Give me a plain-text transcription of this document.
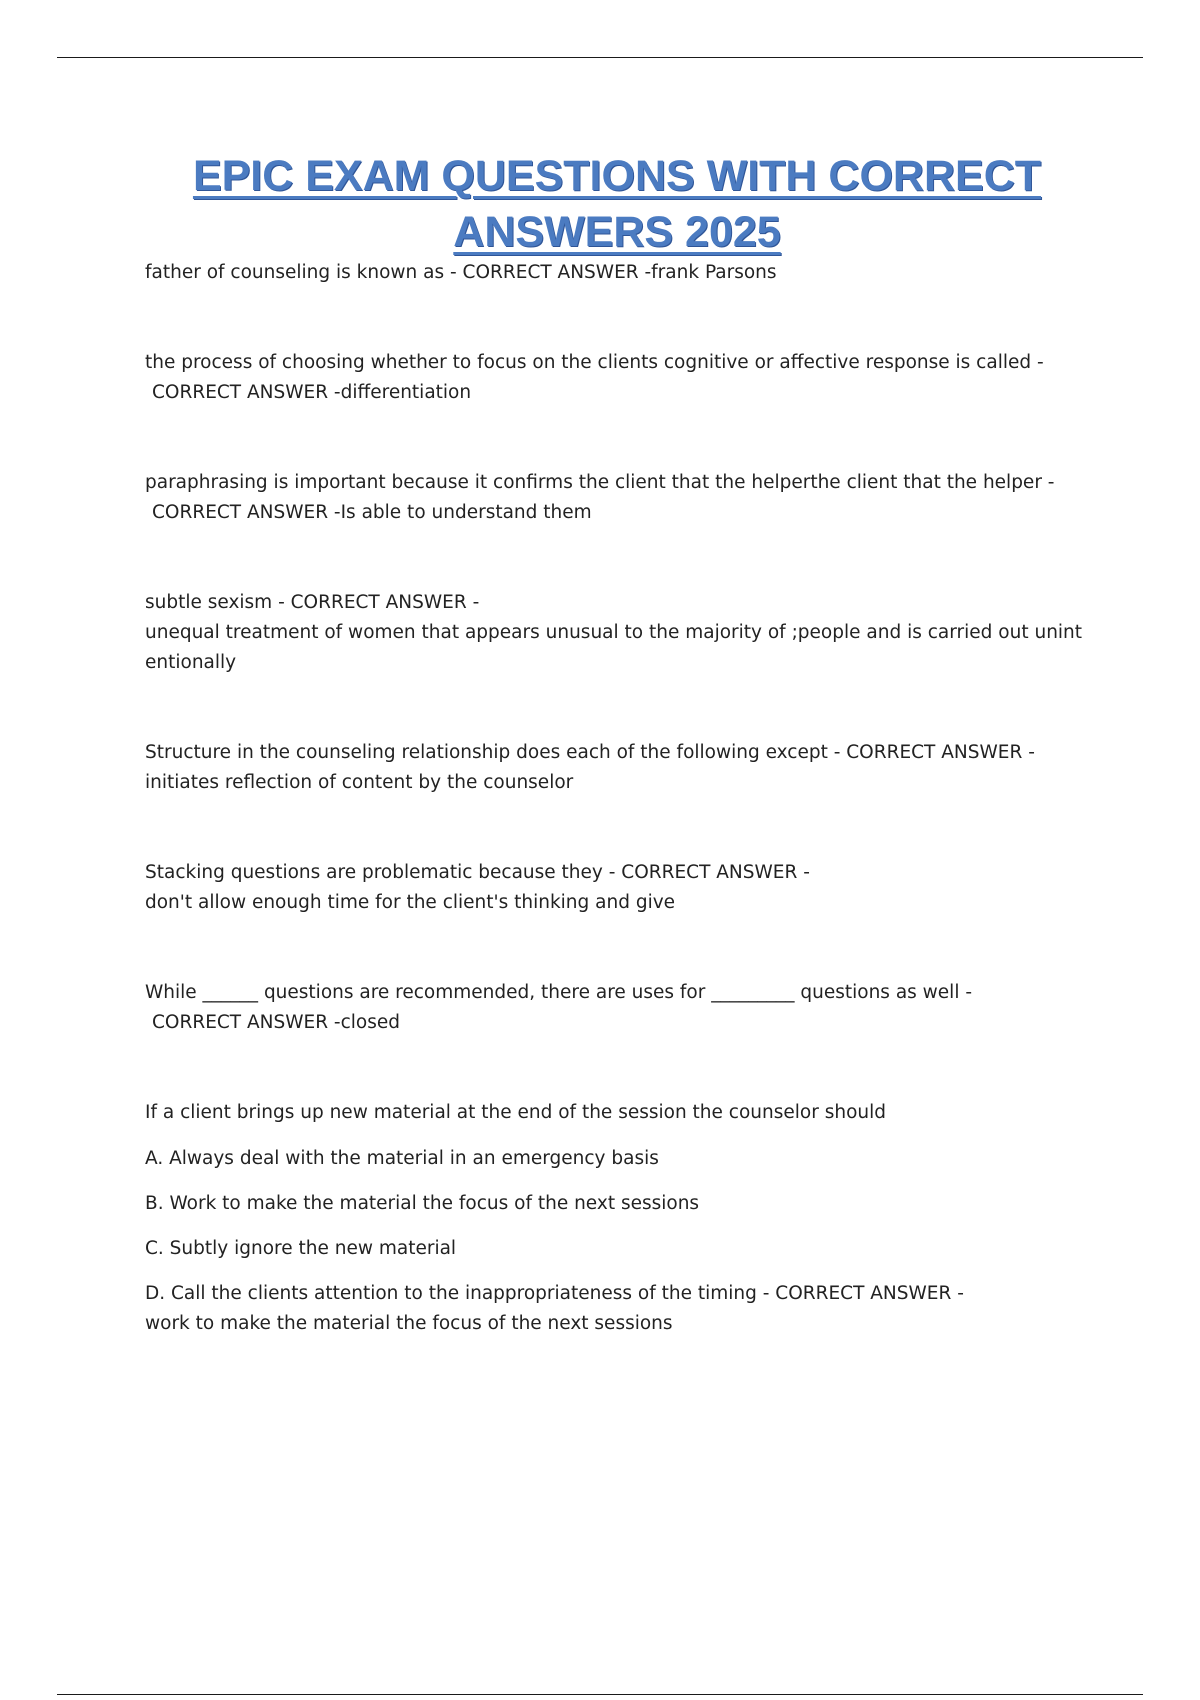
EPIC EXAM QUESTIONS WITH CORRECT
ANSWERS 2025

father of counseling is known as - CORRECT ANSWER -frank Parsons

the process of choosing whether to focus on the clients cognitive or affective response is called -

CORRECT ANSWER -differentiation

paraphrasing is important because it confirms the client that the helperthe client that the helper -

CORRECT ANSWER -Is able to understand them

subtle sexism - CORRECT ANSWER -

unequal treatment of women that appears unusual to the majority of ;people and is carried out unint

entionally

Structure in the counseling relationship does each of the following except - CORRECT ANSWER -

initiates reflection of content by the counselor

Stacking questions are problematic because they - CORRECT ANSWER -

don't allow enough time for the client's thinking and give

While ______ questions are recommended, there are uses for _________ questions as well -

CORRECT ANSWER -closed

If a client brings up new material at the end of the session the counselor should

A. Always deal with the material in an emergency basis

B. Work to make the material the focus of the next sessions

C. Subtly ignore the new material

D. Call the clients attention to the inappropriateness of the timing - CORRECT ANSWER -

work to make the material the focus of the next sessions
